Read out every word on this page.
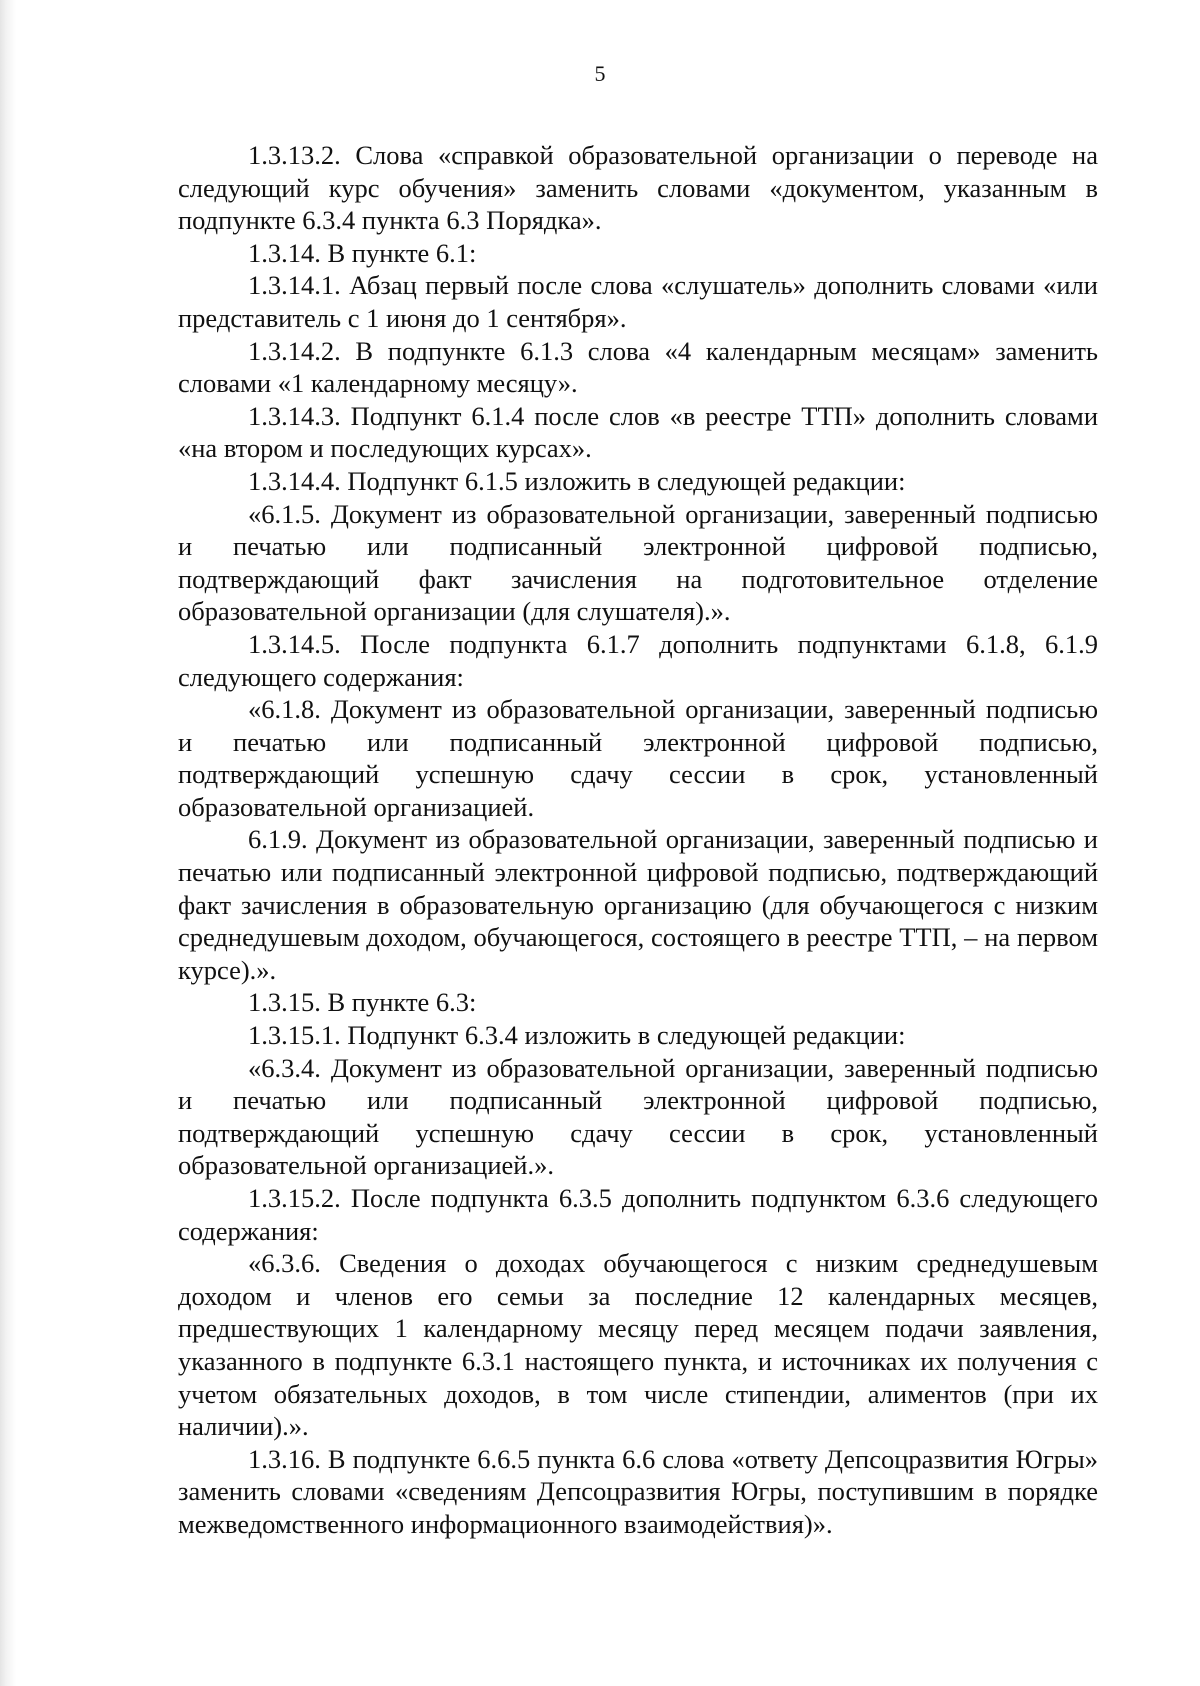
5

1.3.13.2. Слова «справкой образовательной организации о переводе на следующий курс обучения» заменить словами «документом, указанным в подпункте 6.3.4 пункта 6.3 Порядка».

1.3.14. В пункте 6.1:

1.3.14.1. Абзац первый после слова «слушатель» дополнить словами «или представитель с 1 июня до 1 сентября».

1.3.14.2. В подпункте 6.1.3 слова «4 календарным месяцам» заменить словами «1 календарному месяцу».

1.3.14.3. Подпункт 6.1.4 после слов «в реестре ТТП» дополнить словами «на втором и последующих курсах».

1.3.14.4. Подпункт 6.1.5 изложить в следующей редакции:

«6.1.5. Документ из образовательной организации, заверенный подписью и печатью или подписанный электронной цифровой подписью, подтверждающий факт зачисления на подготовительное отделение образовательной организации (для слушателя).».

1.3.14.5. После подпункта 6.1.7 дополнить подпунктами 6.1.8, 6.1.9 следующего содержания:

«6.1.8. Документ из образовательной организации, заверенный подписью и печатью или подписанный электронной цифровой подписью, подтверждающий успешную сдачу сессии в срок, установленный образовательной организацией.

6.1.9. Документ из образовательной организации, заверенный подписью и печатью или подписанный электронной цифровой подписью, подтверждающий факт зачисления в образовательную организацию (для обучающегося с низким среднедушевым доходом, обучающегося, состоящего в реестре ТТП, – на первом курсе).».

1.3.15. В пункте 6.3:

1.3.15.1. Подпункт 6.3.4 изложить в следующей редакции:

«6.3.4. Документ из образовательной организации, заверенный подписью и печатью или подписанный электронной цифровой подписью, подтверждающий успешную сдачу сессии в срок, установленный образовательной организацией.».

1.3.15.2. После подпункта 6.3.5 дополнить подпунктом 6.3.6 следующего содержания:

«6.3.6. Сведения о доходах обучающегося с низким среднедушевым доходом и членов его семьи за последние 12 календарных месяцев, предшествующих 1 календарному месяцу перед месяцем подачи заявления, указанного в подпункте 6.3.1 настоящего пункта, и источниках их получения с учетом обязательных доходов, в том числе стипендии, алиментов (при их наличии).».

1.3.16. В подпункте 6.6.5 пункта 6.6 слова «ответу Депсоцразвития Югры» заменить словами «сведениям Депсоцразвития Югры, поступившим в порядке межведомственного информационного взаимодействия)».
